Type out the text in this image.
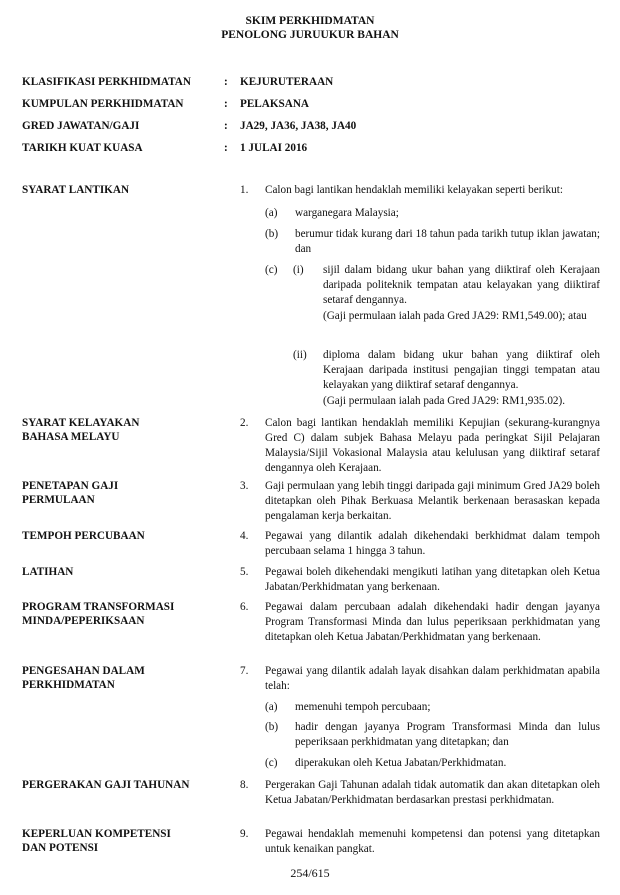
SKIM PERKHIDMATAN
PENOLONG JURUUKUR BAHAN
KLASIFIKASI PERKHIDMATAN	: KEJURUTERAAN
KUMPULAN PERKHIDMATAN	: PELAKSANA
GRED JAWATAN/GAJI	: JA29, JA36, JA38, JA40
TARIKH KUAT KUASA	: 1 JULAI 2016
SYARAT LANTIKAN	1. Calon bagi lantikan hendaklah memiliki kelayakan seperti berikut:
(a) warganegara Malaysia;
(b) berumur tidak kurang dari 18 tahun pada tarikh tutup iklan jawatan; dan
(c) (i) sijil dalam bidang ukur bahan yang diiktiraf oleh Kerajaan daripada politeknik tempatan atau kelayakan yang diiktiraf setaraf dengannya.
(Gaji permulaan ialah pada Gred JA29: RM1,549.00); atau
(ii) diploma dalam bidang ukur bahan yang diiktiraf oleh Kerajaan daripada institusi pengajian tinggi tempatan atau kelayakan yang diiktiraf setaraf dengannya.
(Gaji permulaan ialah pada Gred JA29: RM1,935.02).
SYARAT KELAYAKAN
BAHASA MELAYU
2. Calon bagi lantikan hendaklah memiliki Kepujian (sekurang-kurangnya Gred C) dalam subjek Bahasa Melayu pada peringkat Sijil Pelajaran Malaysia/Sijil Vokasional Malaysia atau kelulusan yang diiktiraf setaraf dengannya oleh Kerajaan.
PENETAPAN GAJI
PERMULAAN
3. Gaji permulaan yang lebih tinggi daripada gaji minimum Gred JA29 boleh ditetapkan oleh Pihak Berkuasa Melantik berkenaan berasaskan kepada pengalaman kerja berkaitan.
TEMPOH PERCUBAAN	4. Pegawai yang dilantik adalah dikehendaki berkhidmat dalam tempoh percubaan selama 1 hingga 3 tahun.
LATIHAN	5. Pegawai boleh dikehendaki mengikuti latihan yang ditetapkan oleh Ketua Jabatan/Perkhidmatan yang berkenaan.
PROGRAM TRANSFORMASI
MINDA/PEPERIKSAAN
6. Pegawai dalam percubaan adalah dikehendaki hadir dengan jayanya Program Transformasi Minda dan lulus peperiksaan perkhidmatan yang ditetapkan oleh Ketua Jabatan/Perkhidmatan yang berkenaan.
PENGESAHAN DALAM
PERKHIDMATAN
7. Pegawai yang dilantik adalah layak disahkan dalam perkhidmatan apabila telah:
(a) memenuhi tempoh percubaan;
(b) hadir dengan jayanya Program Transformasi Minda dan lulus peperiksaan perkhidmatan yang ditetapkan; dan
(c) diperakukan oleh Ketua Jabatan/Perkhidmatan.
PERGERAKAN GAJI TAHUNAN	8. Pergerakan Gaji Tahunan adalah tidak automatik dan akan ditetapkan oleh Ketua Jabatan/Perkhidmatan berdasarkan prestasi perkhidmatan.
KEPERLUAN KOMPETENSI
DAN POTENSI
9. Pegawai hendaklah memenuhi kompetensi dan potensi yang ditetapkan untuk kenaikan pangkat.
254/615
